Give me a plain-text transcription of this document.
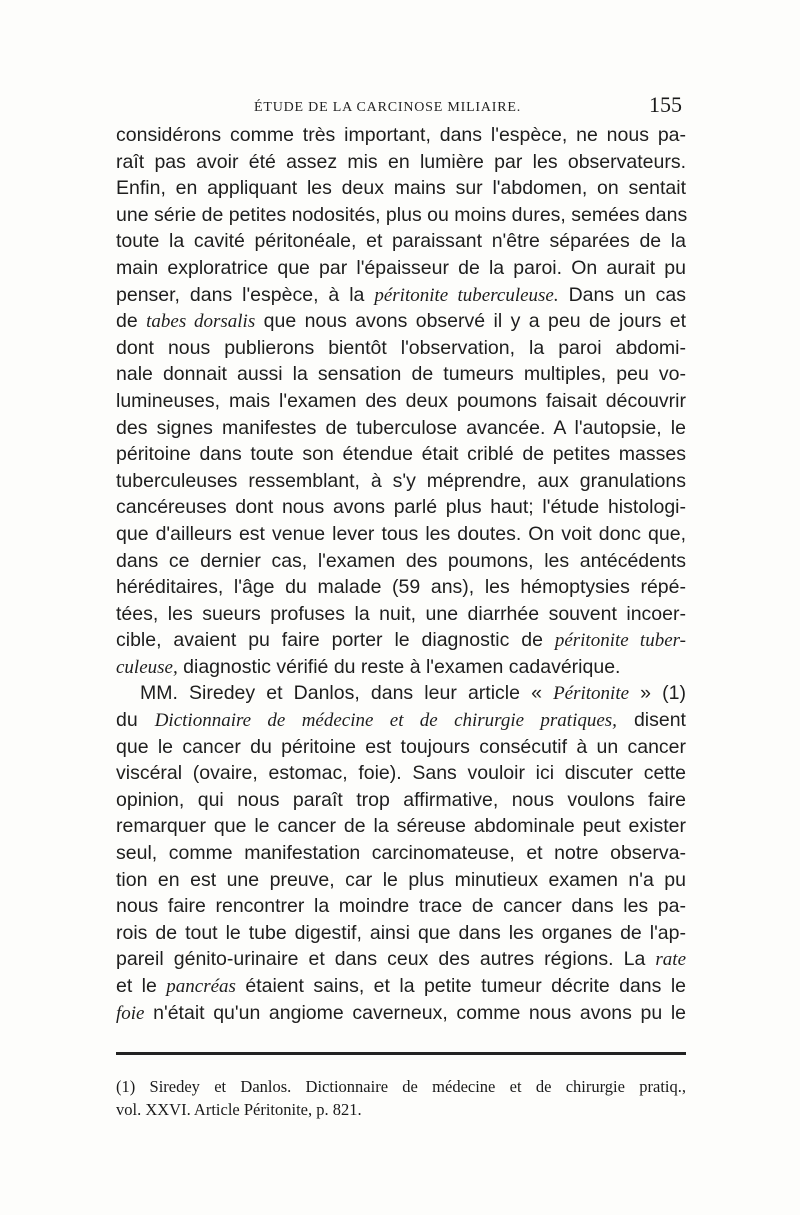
ÉTUDE DE LA CARCINOSE MILIAIRE.	155
considérons comme très important, dans l'espèce, ne nous pa-
raît pas avoir été assez mis en lumière par les observateurs.
Enfin, en appliquant les deux mains sur l'abdomen, on sentait
une série de petites nodosités, plus ou moins dures, semées dans
toute la cavité péritonéale, et paraissant n'être séparées de la
main exploratrice que par l'épaisseur de la paroi. On aurait pu
penser, dans l'espèce, à la péritonite tuberculeuse. Dans un cas
de tabes dorsalis que nous avons observé il y a peu de jours et
dont nous publierons bientôt l'observation, la paroi abdomi-
nale donnait aussi la sensation de tumeurs multiples, peu vo-
lumineuses, mais l'examen des deux poumons faisait découvrir
des signes manifestes de tuberculose avancée. A l'autopsie, le
péritoine dans toute son étendue était criblé de petites masses
tuberculeuses ressemblant, à s'y méprendre, aux granulations
cancéreuses dont nous avons parlé plus haut; l'étude histologi-
que d'ailleurs est venue lever tous les doutes. On voit donc que,
dans ce dernier cas, l'examen des poumons, les antécédents
héréditaires, l'âge du malade (59 ans), les hémoptysies répé-
tées, les sueurs profuses la nuit, une diarrhée souvent incoer-
cible, avaient pu faire porter le diagnostic de péritonite tuber-
culeuse, diagnostic vérifié du reste à l'examen cadavérique.
MM. Siredey et Danlos, dans leur article « Péritonite » (1)
du Dictionnaire de médecine et de chirurgie pratiques, disent
que le cancer du péritoine est toujours consécutif à un cancer
viscéral (ovaire, estomac, foie). Sans vouloir ici discuter cette
opinion, qui nous paraît trop affirmative, nous voulons faire
remarquer que le cancer de la séreuse abdominale peut exister
seul, comme manifestation carcinomateuse, et notre observa-
tion en est une preuve, car le plus minutieux examen n'a pu
nous faire rencontrer la moindre trace de cancer dans les pa-
rois de tout le tube digestif, ainsi que dans les organes de l'ap-
pareil génito-urinaire et dans ceux des autres régions. La rate
et le pancréas étaient sains, et la petite tumeur décrite dans le
foie n'était qu'un angiome caverneux, comme nous avons pu le
(1) Siredey et Danlos. Dictionnaire de médecine et de chirurgie pratiq.,
vol. XXVI. Article Péritonite, p. 821.
